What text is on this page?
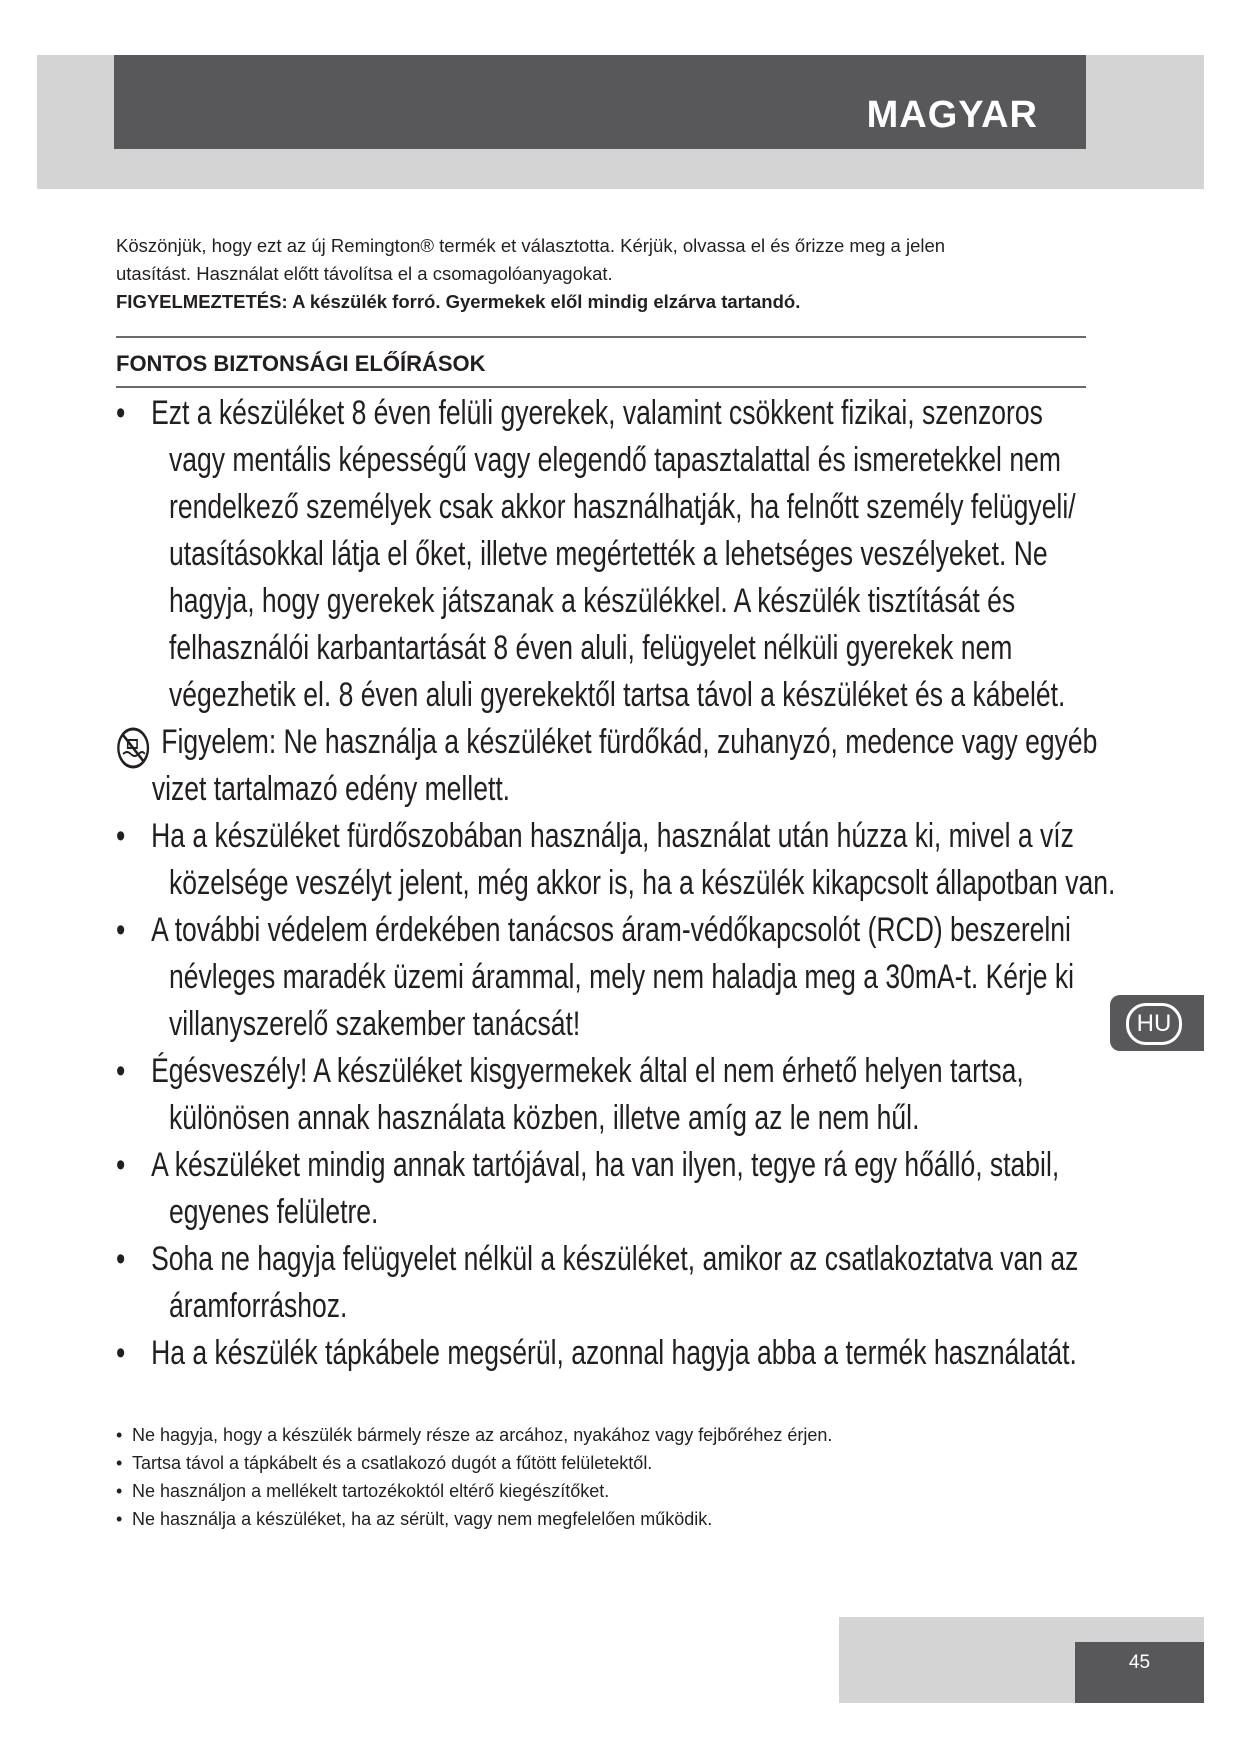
MAGYAR

Köszönjük, hogy ezt az új Remington® termék et választotta. Kérjük, olvassa el és őrizze meg a jelen

utasítást. Használat előtt távolítsa el a csomagolóanyagokat.

FIGYELMEZTETÉS: A készülék forró. Gyermekek elől mindig elzárva tartandó.

FONTOS BIZTONSÁGI ELŐÍRÁSOK
• Ezt a készüléket 8 éven felüli gyerekek, valamint csökkent fizikai, szenzoros
vagy mentális képességű vagy elegendő tapasztalattal és ismeretekkel nem rendelkező személyek csak akkor használhatják, ha felnőtt személy felügyeli/ utasításokkal látja el őket, illetve megértették a lehetséges veszélyeket. Ne hagyja, hogy gyerekek játszanak a készülékkel. A készülék tisztítását és felhasználói karbantartását 8 éven aluli, felügyelet nélküli gyerekek nem végezhetik el. 8 éven aluli gyerekektől tartsa távol a készüléket és a kábelét.
Figyelem: Ne használja a készüléket fürdőkád, zuhanyzó, medence vagy egyéb vizet tartalmazó edény mellett.
• Ha a készüléket fürdőszobában használja, használat után húzza ki, mivel a víz
közelsége veszélyt jelent, még akkor is, ha a készülék kikapcsolt állapotban van.
• A további védelem érdekében tanácsos áram-védőkapcsolót (RCD) beszerelni
névleges maradék üzemi árammal, mely nem haladja meg a 30mA-t. Kérje ki villanyszerelő szakember tanácsát!
• Égésveszély! A készüléket kisgyermekek által el nem érhető helyen tartsa,
különösen annak használata közben, illetve amíg az le nem hűl.
• A készüléket mindig annak tartójával, ha van ilyen, tegye rá egy hőálló, stabil,
egyenes felületre.
• Soha ne hagyja felügyelet nélkül a készüléket, amikor az csatlakoztatva van az
áramforráshoz.
• Ha a készülék tápkábele megsérül, azonnal hagyja abba a termék használatát.
• Ne hagyja, hogy a készülék bármely része az arcához, nyakához vagy fejbőréhez érjen.
• Tartsa távol a tápkábelt és a csatlakozó dugót a fűtött felületektől.
• Ne használjon a mellékelt tartozékoktól eltérő kiegészítőket.
• Ne használja a készüléket, ha az sérült, vagy nem megfelelően működik.
HU
45
